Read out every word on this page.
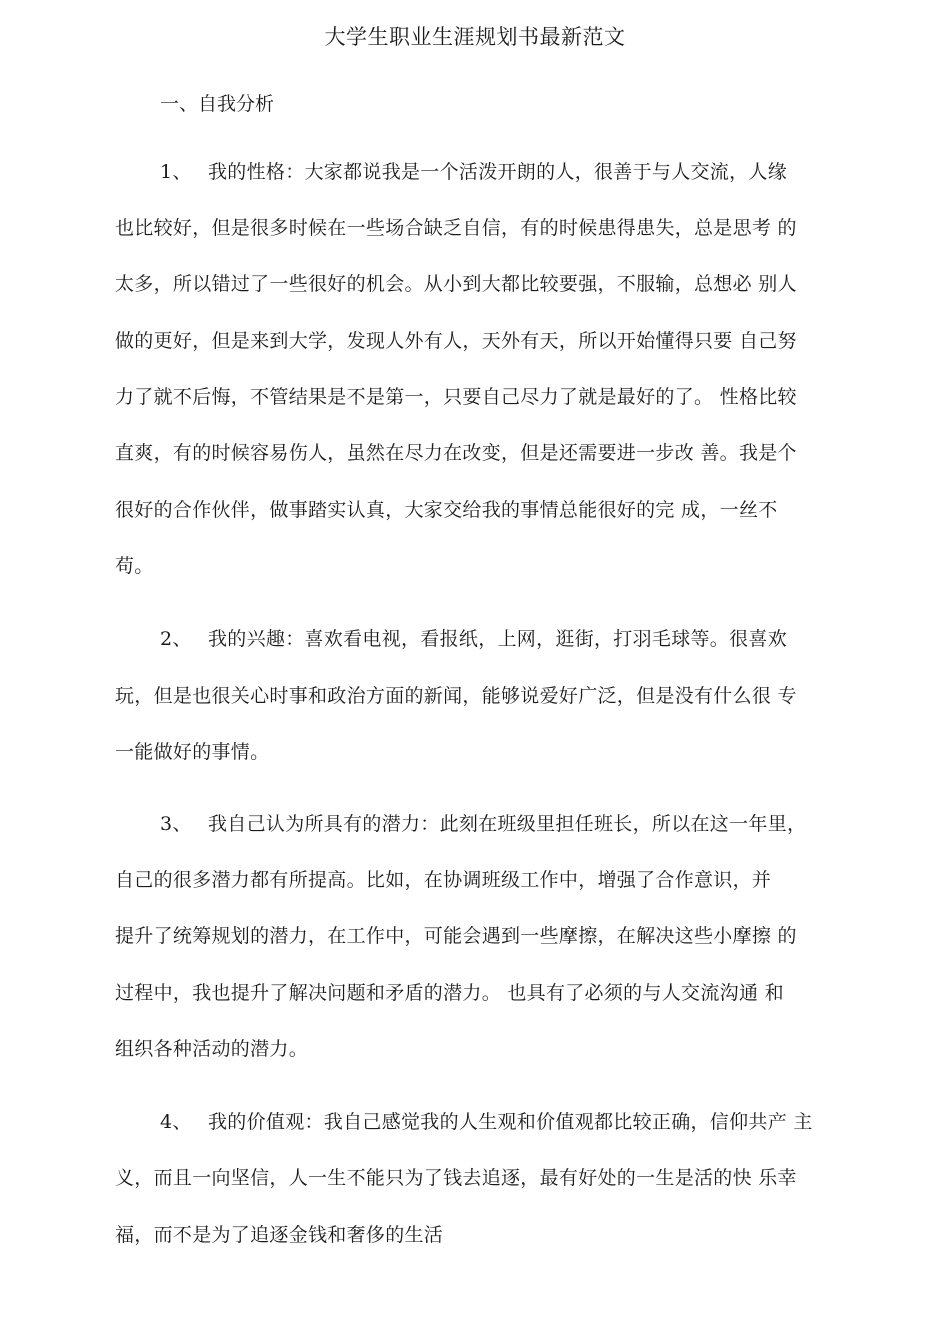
大学生职业生涯规划书最新范文
一、自我分析
1、 我的性格：大家都说我是一个活泼开朗的人，很善于与人交流，人缘
也比较好，但是很多时候在一些场合缺乏自信，有的时候患得患失，总是思考 的
太多，所以错过了一些很好的机会。从小到大都比较要强，不服输，总想必 别人
做的更好，但是来到大学，发现人外有人，天外有天，所以开始懂得只要 自己努
力了就不后悔，不管结果是不是第一，只要自己尽力了就是最好的了。 性格比较
直爽，有的时候容易伤人，虽然在尽力在改变，但是还需要进一步改 善。我是个
很好的合作伙伴，做事踏实认真，大家交给我的事情总能很好的完 成，一丝不
苟。
2、 我的兴趣：喜欢看电视，看报纸，上网，逛街，打羽毛球等。很喜欢
玩，但是也很关心时事和政治方面的新闻，能够说爱好广泛，但是没有什么很 专
一能做好的事情。
3、 我自己认为所具有的潜力：此刻在班级里担任班长，所以在这一年里，
自己的很多潜力都有所提高。比如，在协调班级工作中，增强了合作意识，并
提升了统筹规划的潜力，在工作中，可能会遇到一些摩擦，在解决这些小摩擦 的
过程中，我也提升了解决问题和矛盾的潜力。 也具有了必须的与人交流沟通 和
组织各种活动的潜力。
4、 我的价值观：我自己感觉我的人生观和价值观都比较正确，信仰共产 主
义，而且一向坚信，人一生不能只为了钱去追逐，最有好处的一生是活的快 乐幸
福，而不是为了追逐金钱和奢侈的生活
